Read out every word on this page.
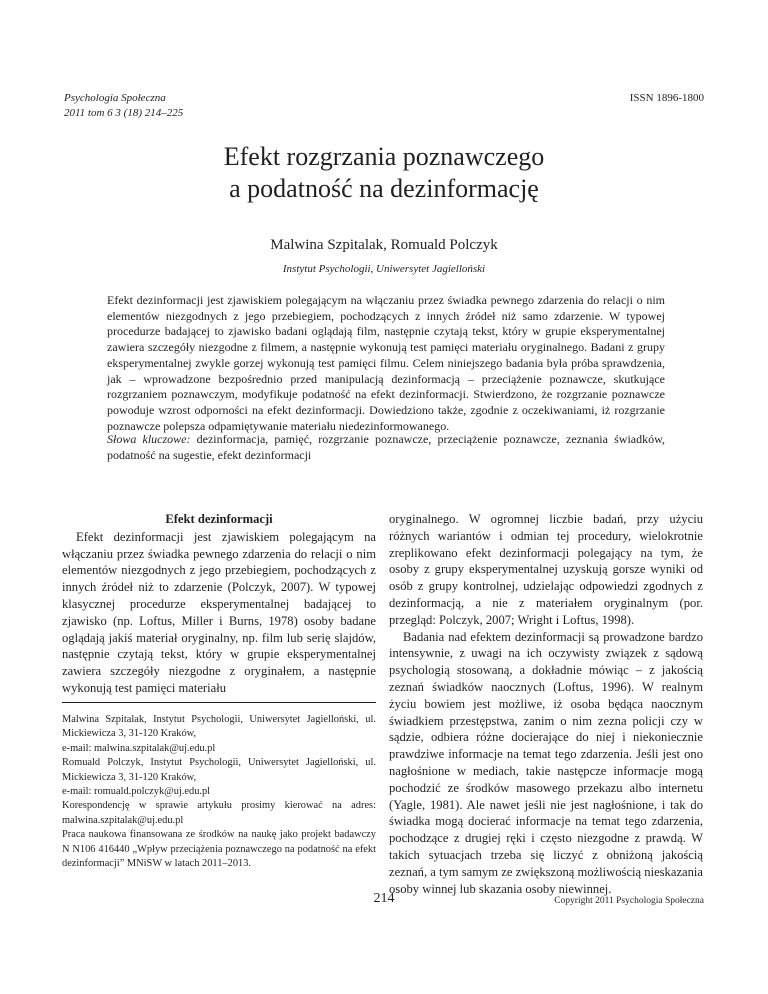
Psychologia Społeczna
2011 tom 6 3 (18) 214–225
ISSN 1896-1800
Efekt rozgrzania poznawczego
a podatność na dezinformację
Malwina Szpitalak, Romuald Polczyk
Instytut Psychologii, Uniwersytet Jagielloński
Efekt dezinformacji jest zjawiskiem polegającym na włączaniu przez świadka pewnego zdarzenia do relacji o nim elementów niezgodnych z jego przebiegiem, pochodzących z innych źródeł niż samo zdarzenie. W typowej procedurze badającej to zjawisko badani oglądają film, następnie czytają tekst, który w grupie eksperymentalnej zawiera szczegóły niezgodne z filmem, a następnie wykonują test pamięci materiału oryginalnego. Badani z grupy eksperymentalnej zwykle gorzej wykonują test pamięci filmu. Celem niniejszego badania była próba sprawdzenia, jak – wprowadzone bezpośrednio przed manipulacją dezinformacją – przeciążenie poznawcze, skutkujące rozgrzaniem poznawczym, modyfikuje podatność na efekt dezinformacji. Stwierdzono, że rozgrzanie poznawcze powoduje wzrost odporności na efekt dezinformacji. Dowiedziono także, zgodnie z oczekiwaniami, iż rozgrzanie poznawcze polepsza odpamiętywanie materiału niedezinformowanego.
Słowa kluczowe: dezinformacja, pamięć, rozgrzanie poznawcze, przeciążenie poznawcze, zeznania świadków, podatność na sugestie, efekt dezinformacji
Efekt dezinformacji

Efekt dezinformacji jest zjawiskiem polegającym na włączaniu przez świadka pewnego zdarzenia do relacji o nim elementów niezgodnych z jego przebiegiem, pochodzących z innych źródeł niż to zdarzenie (Polczyk, 2007). W typowej klasycznej procedurze eksperymentalnej badającej to zjawisko (np. Loftus, Miller i Burns, 1978) osoby badane oglądają jakiś materiał oryginalny, np. film lub serię slajdów, następnie czytają tekst, który w grupie eksperymentalnej zawiera szczegóły niezgodne z oryginałem, a następnie wykonują test pamięci materiału

Malwina Szpitalak, Instytut Psychologii, Uniwersytet Jagielloński, ul. Mickiewicza 3, 31-120 Kraków,
e-mail: malwina.szpitalak@uj.edu.pl
Romuald Polczyk, Instytut Psychologii, Uniwersytet Jagielloński, ul. Mickiewicza 3, 31-120 Kraków,
e-mail: romuald.polczyk@uj.edu.pl
Korespondencję w sprawie artykułu prosimy kierować na adres: malwina.szpitalak@uj.edu.pl
Praca naukowa finansowana ze środków na naukę jako projekt badawczy N N106 416440 „Wpływ przeciążenia poznawczego na podatność na efekt dezinformacji” MNiSW w latach 2011–2013.

oryginalnego. W ogromnej liczbie badań, przy użyciu różnych wariantów i odmian tej procedury, wielokrotnie zreplikowano efekt dezinformacji polegający na tym, że osoby z grupy eksperymentalnej uzyskują gorsze wyniki od osób z grupy kontrolnej, udzielając odpowiedzi zgodnych z dezinformacją, a nie z materiałem oryginalnym (por. przegląd: Polczyk, 2007; Wright i Loftus, 1998).

Badania nad efektem dezinformacji są prowadzone bardzo intensywnie, z uwagi na ich oczywisty związek z sądową psychologią stosowaną, a dokładnie mówiąc – z jakością zeznań świadków naocznych (Loftus, 1996). W realnym życiu bowiem jest możliwe, iż osoba będąca naocznym świadkiem przestępstwa, zanim o nim zezna policji czy w sądzie, odbiera różne docierające do niej i niekoniecznie prawdziwe informacje na temat tego zdarzenia. Jeśli jest ono nagłośnione w mediach, takie następcze informacje mogą pochodzić ze środków masowego przekazu albo internetu (Yagle, 1981). Ale nawet jeśli nie jest nagłośnione, i tak do świadka mogą docierać informacje na temat tego zdarzenia, pochodzące z drugiej ręki i często niezgodne z prawdą. W takich sytuacjach trzeba się liczyć z obniżoną jakością zeznań, a tym samym ze zwiększoną możliwością nieskazania osoby winnej lub skazania osoby niewinnej.

214	Copyright 2011 Psychologia Społeczna
